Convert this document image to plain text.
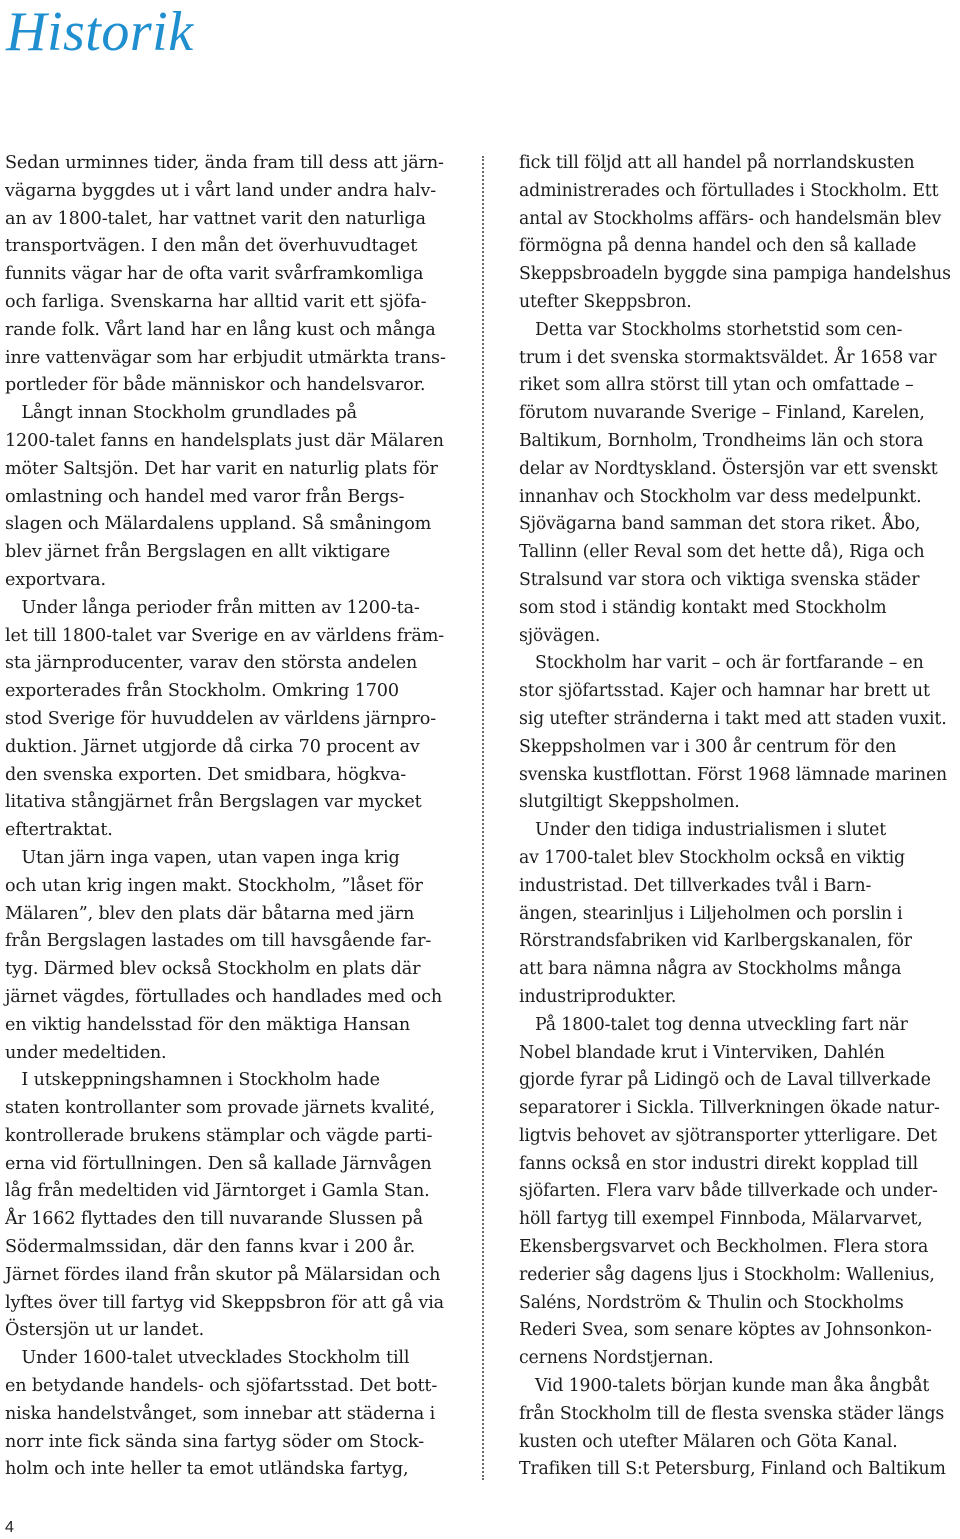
Historik
Sedan urminnes tider, ända fram till dess att järn-
vägarna byggdes ut i vårt land under andra halv-
an av 1800-talet, har vattnet varit den naturliga
transportvägen. I den mån det överhuvudtaget
funnits vägar har de ofta varit svårframkomliga
och farliga. Svenskarna har alltid varit ett sjöfa-
rande folk. Vårt land har en lång kust och många
inre vattenvägar som har erbjudit utmärkta trans-
portleder för både människor och handelsvaror.
Långt innan Stockholm grundlades på
1200-talet fanns en handelsplats just där Mälaren
möter Saltsjön. Det har varit en naturlig plats för
omlastning och handel med varor från Bergs-
slagen och Mälardalens uppland. Så småningom
blev järnet från Bergslagen en allt viktigare
exportvara.
Under långa perioder från mitten av 1200-ta-
let till 1800-talet var Sverige en av världens främ-
sta järnproducenter, varav den största andelen
exporterades från Stockholm. Omkring 1700
stod Sverige för huvuddelen av världens järnpro-
duktion. Järnet utgjorde då cirka 70 procent av
den svenska exporten. Det smidbara, högkva-
litativa stångjärnet från Bergslagen var mycket
eftertraktat.
Utan järn inga vapen, utan vapen inga krig
och utan krig ingen makt. Stockholm, ”låset för
Mälaren”, blev den plats där båtarna med järn
från Bergslagen lastades om till havsgående far-
tyg. Därmed blev också Stockholm en plats där
järnet vägdes, förtullades och handlades med och
en viktig handelsstad för den mäktiga Hansan
under medeltiden.
I utskeppningshamnen i Stockholm hade
staten kontrollanter som provade järnets kvalité,
kontrollerade brukens stämplar och vägde parti-
erna vid förtullningen. Den så kallade Järnvågen
låg från medeltiden vid Järntorget i Gamla Stan.
År 1662 flyttades den till nuvarande Slussen på
Södermalmssidan, där den fanns kvar i 200 år.
Järnet fördes iland från skutor på Mälarsidan och
lyftes över till fartyg vid Skeppsbron för att gå via
Östersjön ut ur landet.
Under 1600-talet utvecklades Stockholm till
en betydande handels- och sjöfartsstad. Det bott-
niska handelstvånget, som innebar att städerna i
norr inte fick sända sina fartyg söder om Stock-
holm och inte heller ta emot utländska fartyg,
fick till följd att all handel på norrlandskusten
administrerades och förtullades i Stockholm. Ett
antal av Stockholms affärs- och handelsmän blev
förmögna på denna handel och den så kallade
Skeppsbroadeln byggde sina pampiga handelshus
utefter Skeppsbron.
Detta var Stockholms storhetstid som cen-
trum i det svenska stormaktsväldet. År 1658 var
riket som allra störst till ytan och omfattade –
förutom nuvarande Sverige – Finland, Karelen,
Baltikum, Bornholm, Trondheims län och stora
delar av Nordtyskland. Östersjön var ett svenskt
innanhav och Stockholm var dess medelpunkt.
Sjövägarna band samman det stora riket. Åbo,
Tallinn (eller Reval som det hette då), Riga och
Stralsund var stora och viktiga svenska städer
som stod i ständig kontakt med Stockholm
sjövägen.
Stockholm har varit – och är fortfarande – en
stor sjöfartsstad. Kajer och hamnar har brett ut
sig utefter stränderna i takt med att staden vuxit.
Skeppsholmen var i 300 år centrum för den
svenska kustflottan. Först 1968 lämnade marinen
slutgiltigt Skeppsholmen.
Under den tidiga industrialismen i slutet
av 1700-talet blev Stockholm också en viktig
industristad. Det tillverkades tvål i Barn-
ängen, stearinljus i Liljeholmen och porslin i
Rörstrandsfabriken vid Karlbergskanalen, för
att bara nämna några av Stockholms många
industriprodukter.
På 1800-talet tog denna utveckling fart när
Nobel blandade krut i Vinterviken, Dahlén
gjorde fyrar på Lidingö och de Laval tillverkade
separatorer i Sickla. Tillverkningen ökade natur-
ligtvis behovet av sjötransporter ytterligare. Det
fanns också en stor industri direkt kopplad till
sjöfarten. Flera varv både tillverkade och under-
höll fartyg till exempel Finnboda, Mälarvarvet,
Ekensbergsvarvet och Beckholmen. Flera stora
rederier såg dagens ljus i Stockholm: Wallenius,
Saléns, Nordström & Thulin och Stockholms
Rederi Svea, som senare köptes av Johnsonkon-
cernens Nordstjernan.
Vid 1900-talets början kunde man åka ångbåt
från Stockholm till de flesta svenska städer längs
kusten och utefter Mälaren och Göta Kanal.
Trafiken till S:t Petersburg, Finland och Baltikum
4
